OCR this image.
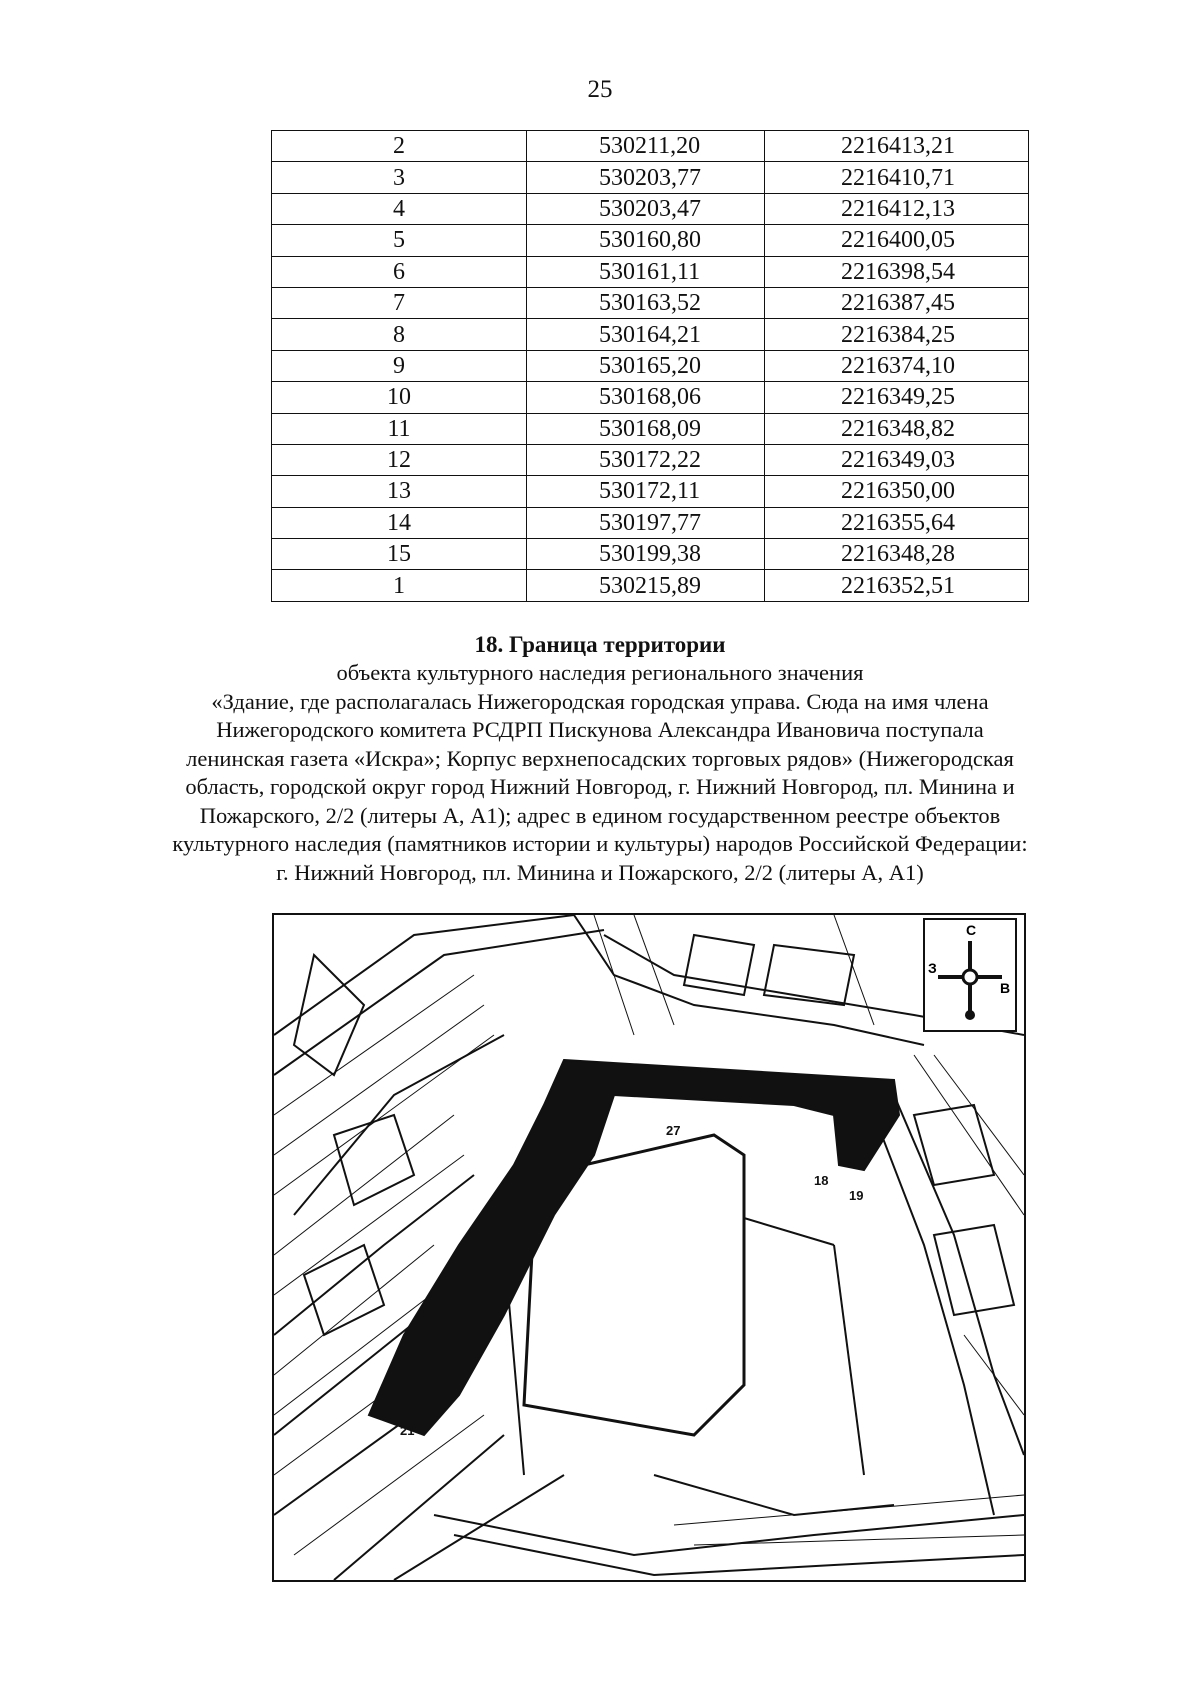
25
2	530211,20	2216413,21
3	530203,77	2216410,71
4	530203,47	2216412,13
5	530160,80	2216400,05
6	530161,11	2216398,54
7	530163,52	2216387,45
8	530164,21	2216384,25
9	530165,20	2216374,10
10	530168,06	2216349,25
11	530168,09	2216348,82
12	530172,22	2216349,03
13	530172,11	2216350,00
14	530197,77	2216355,64
15	530199,38	2216348,28
1	530215,89	2216352,51
18. Граница территории
объекта культурного наследия регионального значения
«Здание, где располагалась Нижегородская городская управа. Сюда на имя члена
Нижегородского комитета РСДРП Пискунова Александра Ивановича поступала
ленинская газета «Искра»; Корпус верхнепосадских торговых рядов» (Нижегородская
область, городской округ город Нижний Новгород, г. Нижний Новгород, пл. Минина и
Пожарского, 2/2 (литеры А, А1); адрес в едином государственном реестре объектов
культурного наследия (памятников истории и культуры) народов Российской Федерации:
г. Нижний Новгород, пл. Минина и Пожарского, 2/2 (литеры А, А1)
С
З
В
27
18
19
21
